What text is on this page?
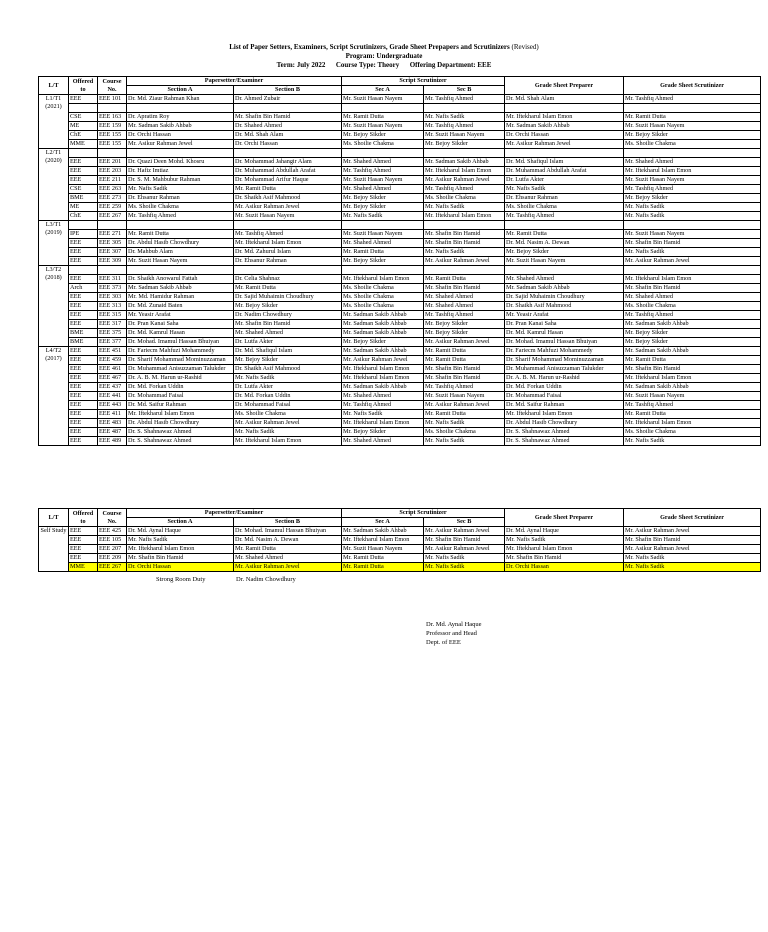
List of Paper Setters, Examiners, Script Scrutinizers, Grade Sheet Prepapers and Scrutinizers (Revised)
Program: Undergraduate
Term: July 2022 Course Type: Theory Offering Department: EEE
L/T	Offered to	Course No.	Papersetter/Examiner		Script Scrutinizer		Grade Sheet Preparer	Grade Sheet Scrutinizer
			Section A	Section B	Sec A	Sec B		
L1/T1 (2021)	EEE	EEE 101	Dr. Md. Ziaur Rahman Khan	Dr. Ahmed Zubair	Mr. Suzit Hasan Nayem	Mr. Tashfiq Ahmed	Dr. Md. Shah Alam	Mr. Tashfiq Ahmed

	CSE	EEE 163	Dr. Apratim Roy	Mr. Shafin Bin Hamid	Mr. Ramit Dutta	Mr. Nafis Sadik	Mr. Iftekharul Islam Emon	Mr. Ramit Dutta
	ME	EEE 159	Mr. Sadman Sakib Ahbab	Dr. Shahed Ahmed	Mr. Suzit Hasan Nayem	Mr. Tashfiq Ahmed	Mr. Sadman Sakib Ahbab	Mr. Suzit Hasan Nayem
	ChE	EEE 155	Dr. Orchi Hassan	Dr. Md. Shah Alam	Mr. Bejoy Sikder	Mr. Suzit Hasan Nayem	Dr. Orchi Hassan	Mr. Bejoy Sikder
	MME	EEE 155	Mr. Asikur Rahman Jewel	Dr. Orchi Hassan	Ms. Shoilie Chakma	Mr. Bejoy Sikder	Mr. Asikur Rahman Jewel	Ms. Shoilie Chakma
L2/T1 (2020)								
	EEE	EEE 201	Dr. Quazi Deen Mohd. Khosru	Dr. Mohammad Jahangir Alam	Mr. Shahed Ahmed	Mr. Sadman Sakib Ahbab	Dr. Md. Shafiqul Islam	Mr. Shahed Ahmed
	EEE	EEE 203	Dr. Hafiz Imtiaz	Dr. Muhammad Abdullah Arafat	Mr. Tashfiq Ahmed	Mr. Iftekharul Islam Emon	Dr. Muhammad Abdullah Arafat	Mr. Iftekharul Islam Emon
	EEE	EEE 211	Dr. S. M. Mahbubur Rahman	Dr. Mohammad Arifur Haque	Mr. Suzit Hasan Nayem	Mr. Asikur Rahman Jewel	Dr. Lutfa Akter	Mr. Suzit Hasan Nayem
	CSE	EEE 263	Mr. Nafis Sadik	Mr. Ramit Dutta	Mr. Shahed Ahmed	Mr. Tashfiq Ahmed	Mr. Nafis Sadik	Mr. Tashfiq Ahmed
	BME	EEE 273	Dr. Ehsanur Rahman	Dr. Shaikh Asif Mahmood	Mr. Bejoy Sikder	Ms. Shoilie Chakma	Dr. Ehsanur Rahman	Mr. Bejoy Sikder
	ME	EEE 259	Ms. Shoilie Chakma	Mr. Asikur Rahman Jewel	Mr. Bejoy Sikder	Mr. Nafis Sadik	Ms. Shoilie Chakma	Mr. Nafis Sadik
	ChE	EEE 267	Mr. Tashfiq Ahmed	Mr. Suzit Hasan Nayem	Mr. Nafis Sadik	Mr. Iftekharul Islam Emon	Mr. Tashfiq Ahmed	Mr. Nafis Sadik
L3/T1 (2019)								
	IPE	EEE 271	Mr. Ramit Dutta	Mr. Tashfiq Ahmed	Mr. Suzit Hasan Nayem	Mr. Shafin Bin Hamid	Mr. Ramit Dutta	Mr. Suzit Hasan Nayem
	EEE	EEE 305	Dr. Abdul Hasib Chowdhury	Mr. Iftekharul Islam Emon	Mr. Shahed Ahmed	Mr. Shafin Bin Hamid	Dr. Md. Nasim A. Dewan	Mr. Shafin Bin Hamid
	EEE	EEE 307	Dr. Mahbub Alam	Dr. Md. Zahurul Islam	Mr. Ramit Dutta	Mr. Nafis Sadik	Mr. Bejoy Sikder	Mr. Nafis Sadik
	EEE	EEE 309	Mr. Suzit Hasan Nayem	Dr. Ehsanur Rahman	Mr. Bejoy Sikder	Mr. Asikur Rahman Jewel	Mr. Suzit Hasan Nayem	Mr. Asikur Rahman Jewel
L3/T2 (2018)								
	EEE	EEE 311	Dr. Shaikh Anowarul Fattah	Dr. Celia Shahnaz	Mr. Iftekharul Islam Emon	Mr. Ramit Dutta	Mr. Shahed Ahmed	Mr. Iftekharul Islam Emon
	Arch	EEE 373	Mr. Sadman Sakib Ahbab	Mr. Ramit Dutta	Ms. Shoilie Chakma	Mr. Shafin Bin Hamid	Mr. Sadman Sakib Ahbab	Mr. Shafin Bin Hamid
	EEE	EEE 303	Mr. Md. Hamidur Rahman	Dr. Sajid Muhaimin Choudhury	Ms. Shoilie Chakma	Mr. Shahed Ahmed	Dr. Sajid Muhaimin Choudhury	Mr. Shahed Ahmed
	EEE	EEE 313	Dr. Md. Zunaid Baten	Mr. Bejoy Sikder	Ms. Shoilie Chakma	Mr. Shahed Ahmed	Dr. Shaikh Asif Mahmood	Ms. Shoilie Chakma
	EEE	EEE 315	Mr. Yeasir Arafat	Dr. Nadim Chowdhury	Mr. Sadman Sakib Ahbab	Mr. Tashfiq Ahmed	Mr. Yeasir Arafat	Mr. Tashfiq Ahmed
	EEE	EEE 317	Dr. Pran Kanai Saha	Mr. Shafin Bin Hamid	Mr. Sadman Sakib Ahbab	Mr. Bejoy Sikder	Dr. Pran Kanai Saha	Mr. Sadman Sakib Ahbab
	BME	EEE 375	Dr. Md. Kamrul Hasan	Mr. Shahed Ahmed	Mr. Sadman Sakib Ahbab	Mr. Bejoy Sikder	Dr. Md. Kamrul Hasan	Mr. Bejoy Sikder
	BME	EEE 377	Dr. Mohad. Imamul Hassan Bhuiyan	Dr. Lutfa Akter	Mr. Bejoy Sikder	Mr. Asikur Rahman Jewel	Dr. Mohad. Imamul Hassan Bhuiyan	Mr. Bejoy Sikder
L4/T2 (2017)	EEE	EEE 451	Dr. Fariecm Mahfuzi Mohammedy	Dr. Md. Shafiqul Islam	Mr. Sadman Sakib Ahbab	Mr. Ramit Dutta	Dr. Fariecm Mahfuzi Mohammedy	Mr. Sadman Sakib Ahbab
	EEE	EEE 459	Dr. Sharif Mohammad Mominuzzaman	Mr. Bejoy Sikder	Mr. Asikur Rahman Jewel	Mr. Ramit Dutta	Dr. Sharif Mohammad Mominuzzaman	Mr. Ramit Dutta
	EEE	EEE 461	Dr. Muhammad Anisuzzaman Talukder	Dr. Shaikh Asif Mahmood	Mr. Iftekharul Islam Emon	Mr. Shafin Bin Hamid	Dr. Muhammad Anisuzzaman Talukder	Mr. Shafin Bin Hamid
	EEE	EEE 467	Dr. A. B. M. Harun ur-Rashid	Mr. Nafis Sadik	Mr. Iftekharul Islam Emon	Mr. Shafin Bin Hamid	Dr. A. B. M. Harun ur-Rashid	Mr. Iftekharul Islam Emon
	EEE	EEE 437	Dr. Md. Forkan Uddin	Dr. Lutfa Akter	Mr. Sadman Sakib Ahbab	Mr. Tashfiq Ahmed	Dr. Md. Forkan Uddin	Mr. Sadman Sakib Ahbab
	EEE	EEE 441	Dr. Mohammad Faisal	Dr. Md. Forkan Uddin	Mr. Shahed Ahmed	Mr. Suzit Hasan Nayem	Dr. Mohammad Faisal	Mr. Suzit Hasan Nayem
	EEE	EEE 443	Dr. Md. Saifur Rahman	Dr. Mohammad Faisal	Mr. Tashfiq Ahmed	Mr. Asikur Rahman Jewel	Dr. Md. Saifur Rahman	Mr. Tashfiq Ahmed
	EEE	EEE 411	Mr. Iftekharul Islam Emon	Ms. Shoilie Chakma	Mr. Nafis Sadik	Mr. Ramit Dutta	Mr. Iftekharul Islam Emon	Mr. Ramit Dutta
	EEE	EEE 483	Dr. Abdul Hasib Chowdhury	Mr. Asikur Rahman Jewel	Mr. Iftekharul Islam Emon	Mr. Nafis Sadik	Dr. Abdul Hasib Chowdhury	Mr. Iftekharul Islam Emon
	EEE	EEE 487	Dr. S. Shahnawaz Ahmed	Mr. Nafis Sadik	Mr. Bejoy Sikder	Ms. Shoilie Chakma	Dr. S. Shahnawaz Ahmed	Ms. Shoilie Chakma
	EEE	EEE 489	Dr. S. Shahnawaz Ahmed	Mr. Iftekharul Islam Emon	Mr. Shahed Ahmed	Mr. Nafis Sadik	Dr. S. Shahnawaz Ahmed	Mr. Nafis Sadik
L/T	Offered to	Course No.	Papersetter/Examiner		Script Scrutinizer		Grade Sheet Preparer	Grade Sheet Scrutinizer
			Section A	Section B	Sec A	Sec B		
Self Study	EEE	EEE 425	Dr. Md. Aynal Haque	Dr. Mohad. Imamul Hassan Bhuiyan	Mr. Sadman Sakib Ahbab	Mr. Asikur Rahman Jewel	Dr. Md. Aynal Haque	Mr. Asikur Rahman Jewel
	EEE	EEE 105	Mr. Nafis Sadik	Dr. Md. Nasim A. Dewan	Mr. Iftekharul Islam Emon	Mr. Shafin Bin Hamid	Mr. Nafis Sadik	Mr. Shafin Bin Hamid
	EEE	EEE 207	Mr. Iftekharul Islam Emon	Mr. Ramit Dutta	Mr. Suzit Hasan Nayem	Mr. Asikur Rahman Jewel	Mr. Iftekharul Islam Emon	Mr. Asikur Rahman Jewel
	EEE	EEE 209	Mr. Shafin Bin Hamid	Mr. Shahed Ahmed	Mr. Ramit Dutta	Mr. Nafis Sadik	Mr. Shafin Bin Hamid	Mr. Nafis Sadik
	MME	EEE 267	Dr. Orchi Hassan	Mr. Asikur Rahman Jewel	Mr. Ramit Dutta	Mr. Nafis Sadik	Dr. Orchi Hassan	Mr. Nafis Sadik
Strong Room Duty	Dr. Nadim Chowdhury
Dr. Md. Aynal Haque
Professor and Head
Dept. of EEE
